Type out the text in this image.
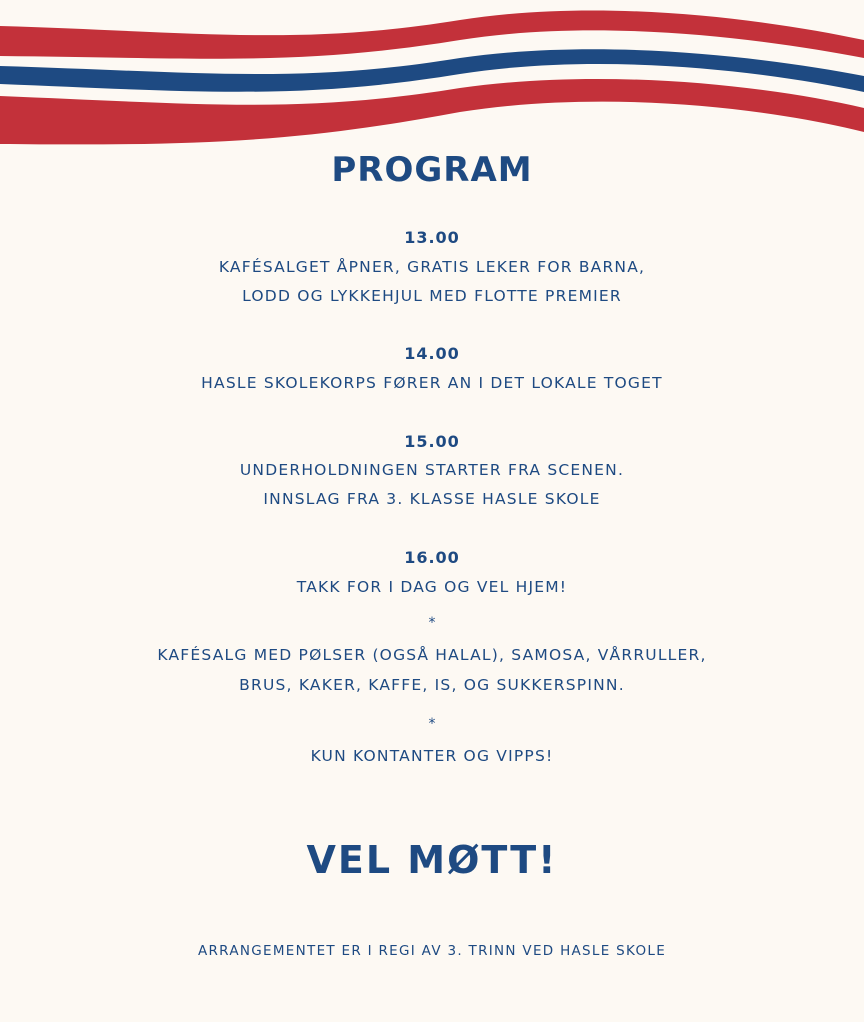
PROGRAM
13.00
KAFÉSALGET ÅPNER, GRATIS LEKER FOR BARNA,
LODD OG LYKKEHJUL MED FLOTTE PREMIER
14.00
HASLE SKOLEKORPS FØRER AN I DET LOKALE TOGET
15.00
UNDERHOLDNINGEN STARTER FRA SCENEN.
INNSLAG FRA 3. KLASSE HASLE SKOLE
16.00
TAKK FOR I DAG OG VEL HJEM!
*
KAFÉSALG MED PØLSER (OGSÅ HALAL), SAMOSA, VÅRRULLER,
BRUS, KAKER, KAFFE, IS, OG SUKKERSPINN.
*
KUN KONTANTER OG VIPPS!
VEL MØTT!
ARRANGEMENTET ER I REGI AV 3. TRINN VED HASLE SKOLE
